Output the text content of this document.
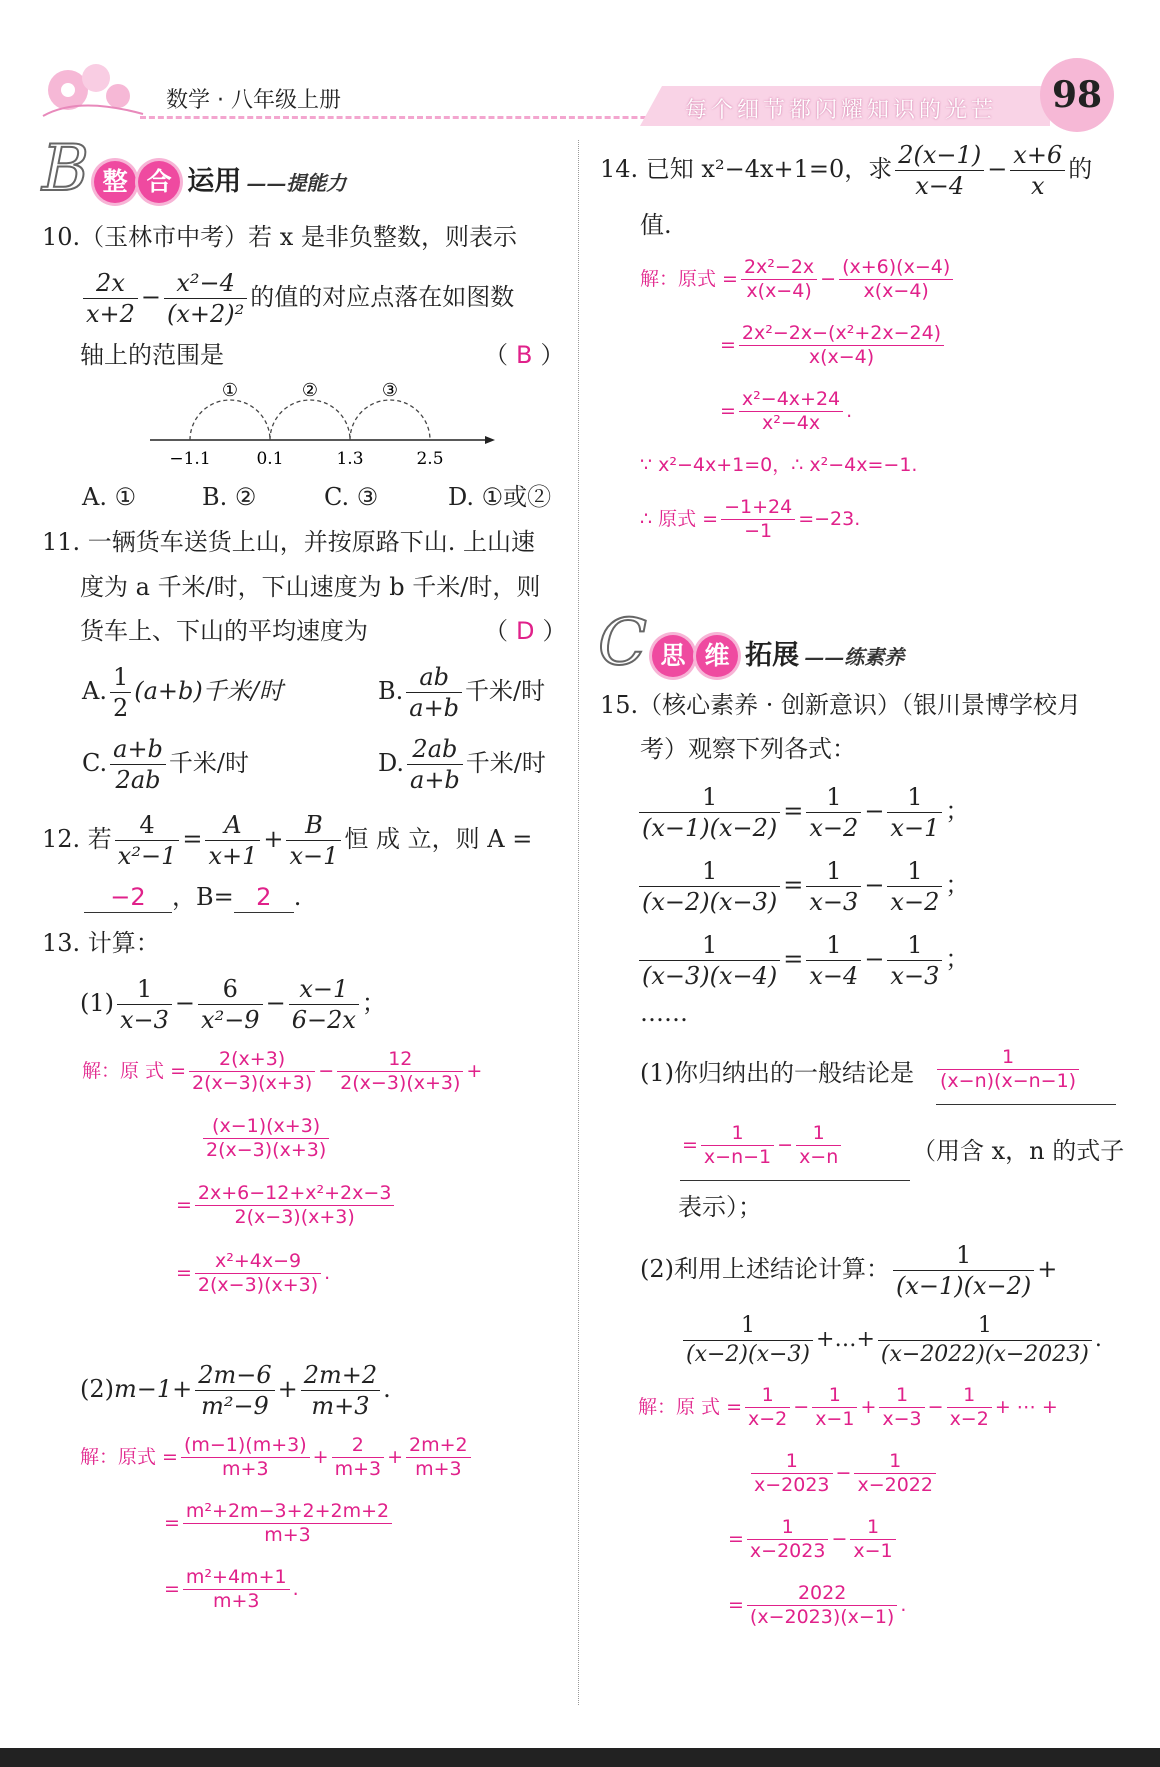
数学 · 八年级上册	每个细节都闪耀知识的光芒	98
B 整 合 运用 ——提能力
10.（玉林市中考）若 x 是非负整数，则表示
$\frac{2x}{x+2} - \frac{\text{x²−4}}{\text{(x+2)²}}$ 的值的对应点落在如图数
轴上的范围是	（ B ）
①	②	③
−1.1	0.1	1.3	2.5
A. ①	B. ②	C. ③	D. ①或②
11. 一辆货车送货上山，并按原路下山. 上山速
度为 a 千米/时，下山速度为 b 千米/时，则
货车上、下山的平均速度为	（ D ）
A. $\frac{1}{2} (a+b)$千米/时	B. $\frac{ab}{a+b}$ 千米/时
C. $\frac{a+b}{2ab}$ 千米/时	D. $\frac{2ab}{a+b}$ 千米/时
12. 若 $\frac{4}{\text{x²−1}} = \frac{A}{x+1} + \frac{B}{x-1}$ 恒 成 立，则 A =
−2 ，B= 2 .
13. 计算：
$(1) \frac{1}{x-3} - \frac{6}{\text{x²−9}} - \frac{x-1}{6-2x}$ ；
解：原 式 = $\frac{2(x+3)}{2(x-3)(x+3)} - \frac{12}{2(x-3)(x+3)}$ +
$\frac{(x-1)(x+3)}{2(x-3)(x+3)}$
= $\frac{\text{2x+6−12+x²+2x−3}}{2(x-3)(x+3)}$
= $\frac{\text{x²+4x−9}}{2(x-3)(x+3)}$ .
$(2)m-1+ \frac{2m-6}{\text{m²−9}} + \frac{2m+2}{m+3}$ .
解：原式 = $\frac{(m-1)(m+3)}{m+3} + \frac{2}{m+3} + \frac{2m+2}{m+3}$
= $\frac{\text{m²+2m−3+2+2m+2}}{m+3}$
= $\frac{\text{m²+4m+1}}{m+3}$ .
14. 已知 x²−4x+1=0，求 $\frac{2(x-1)}{x-4} - \frac{x+6}{x}$ 的
值.
解：原式 = $\frac{\text{2x²−2x}}{x(x-4)} - \frac{(x+6)(x-4)}{x(x-4)}$
= $\frac{\text{2x²−2x−(x²+2x−24)}}{x(x-4)}$
= $\frac{\text{x²−4x+24}}{\text{x²−4x}}$ .
∵ x²−4x+1=0，∴ x²−4x=−1.
∴ 原式 = $\frac{-1+24}{-1} =-23$.
C 思 维 拓展 ——练素养
15.（核心素养 · 创新意识）（银川景博学校月
考）观察下列各式：
$\frac{1}{(x-1)(x-2)} = \frac{1}{x-2} - \frac{1}{x-1}$ ；
$\frac{1}{(x-2)(x-3)} = \frac{1}{x-3} - \frac{1}{x-2}$ ；
$\frac{1}{(x-3)(x-4)} = \frac{1}{x-4} - \frac{1}{x-3}$ ；
……
(1)你归纳出的一般结论是 $\frac{1}{(x-n)(x-n-1)}$
= $\frac{1}{x-n-1} - \frac{1}{x-n}$	（用含 x，n 的式子
表示）；
(2)利用上述结论计算： $\frac{1}{(x-1)(x-2)}$ +
$\frac{1}{(x-2)(x-3)}$ +…+ $\frac{1}{(x-2022)(x-2023)}$ .
解：原 式 = $\frac{1}{x-2} - \frac{1}{x-1} + \frac{1}{x-3} - \frac{1}{x-2}$ + ⋯ +
$\frac{1}{x-2023} - \frac{1}{x-2022}$
= $\frac{1}{x-2023} - \frac{1}{x-1}$
= $\frac{2022}{(x-2023)(x-1)}$ .
